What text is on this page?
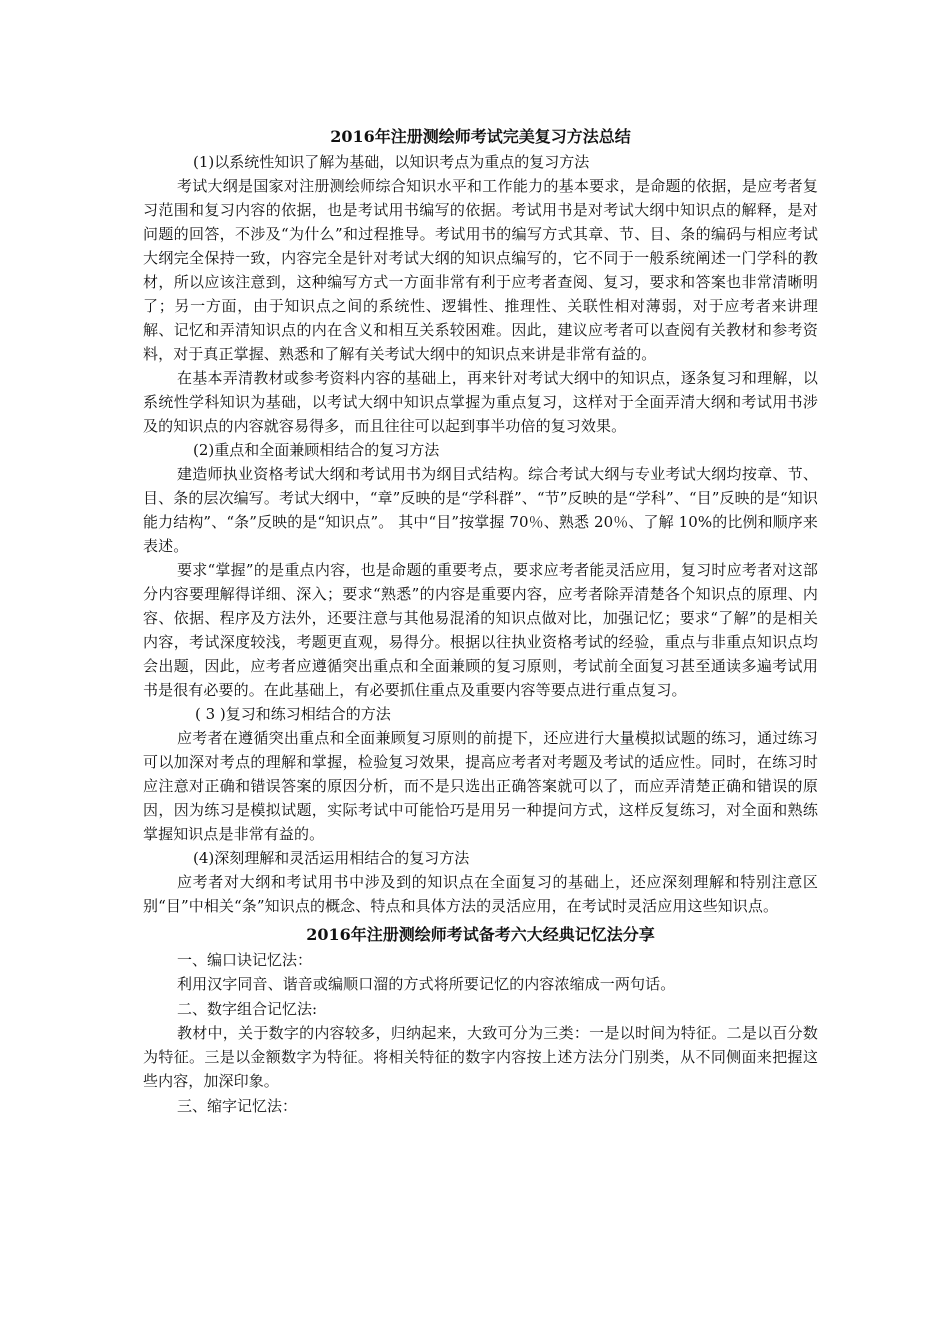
2016年注册测绘师考试完美复习方法总结

(1)以系统性知识了解为基础，以知识考点为重点的复习方法

考试大纲是国家对注册测绘师综合知识水平和工作能力的基本要求，是命题的依据，是应考者复习范围和复习内容的依据，也是考试用书编写的依据。考试用书是对考试大纲中知识点的解释，是对问题的回答，不涉及“为什么”和过程推导。考试用书的编写方式其章、节、目、条的编码与相应考试大纲完全保持一致，内容完全是针对考试大纲的知识点编写的，它不同于一般系统阐述一门学科的教材，所以应该注意到，这种编写方式一方面非常有利于应考者查阅、复习，要求和答案也非常清晰明了；另一方面，由于知识点之间的系统性、逻辑性、推理性、关联性相对薄弱，对于应考者来讲理解、记忆和弄清知识点的内在含义和相互关系较困难。因此，建议应考者可以查阅有关教材和参考资料，对于真正掌握、熟悉和了解有关考试大纲中的知识点来讲是非常有益的。

在基本弄清教材或参考资料内容的基础上，再来针对考试大纲中的知识点，逐条复习和理解，以系统性学科知识为基础，以考试大纲中知识点掌握为重点复习，这样对于全面弄清大纲和考试用书涉及的知识点的内容就容易得多，而且往往可以起到事半功倍的复习效果。

(2)重点和全面兼顾相结合的复习方法

建造师执业资格考试大纲和考试用书为纲目式结构。综合考试大纲与专业考试大纲均按章、节、目、条的层次编写。考试大纲中，“章”反映的是“学科群”、“节”反映的是“学科”、“目”反映的是“知识能力结构”、“条”反映的是“知识点”。 其中“目”按掌握 70％、熟悉 20％、了解 10%的比例和顺序来表述。

要求“掌握”的是重点内容，也是命题的重要考点，要求应考者能灵活应用，复习时应考者对这部分内容要理解得详细、深入；要求“熟悉”的内容是重要内容，应考者除弄清楚各个知识点的原理、内容、依据、程序及方法外，还要注意与其他易混淆的知识点做对比，加强记忆；要求“了解”的是相关内容，考试深度较浅，考题更直观，易得分。根据以往执业资格考试的经验，重点与非重点知识点均会出题，因此，应考者应遵循突出重点和全面兼顾的复习原则，考试前全面复习甚至通读多遍考试用书是很有必要的。在此基础上，有必要抓住重点及重要内容等要点进行重点复习。

( 3 )复习和练习相结合的方法

应考者在遵循突出重点和全面兼顾复习原则的前提下，还应进行大量模拟试题的练习，通过练习可以加深对考点的理解和掌握，检验复习效果，提高应考者对考题及考试的适应性。同时，在练习时应注意对正确和错误答案的原因分析，而不是只选出正确答案就可以了，而应弄清楚正确和错误的原因，因为练习是模拟试题，实际考试中可能恰巧是用另一种提问方式，这样反复练习，对全面和熟练掌握知识点是非常有益的。

(4)深刻理解和灵活运用相结合的复习方法

应考者对大纲和考试用书中涉及到的知识点在全面复习的基础上，还应深刻理解和特别注意区别“目”中相关“条”知识点的概念、特点和具体方法的灵活应用，在考试时灵活应用这些知识点。

2016年注册测绘师考试备考六大经典记忆法分享

一、编口诀记忆法：

利用汉字同音、谐音或编顺口溜的方式将所要记忆的内容浓缩成一两句话。

二、数字组合记忆法:

教材中，关于数字的内容较多，归纳起来，大致可分为三类：一是以时间为特征。二是以百分数为特征。三是以金额数字为特征。将相关特征的数字内容按上述方法分门别类，从不同侧面来把握这些内容，加深印象。

三、缩字记忆法：
